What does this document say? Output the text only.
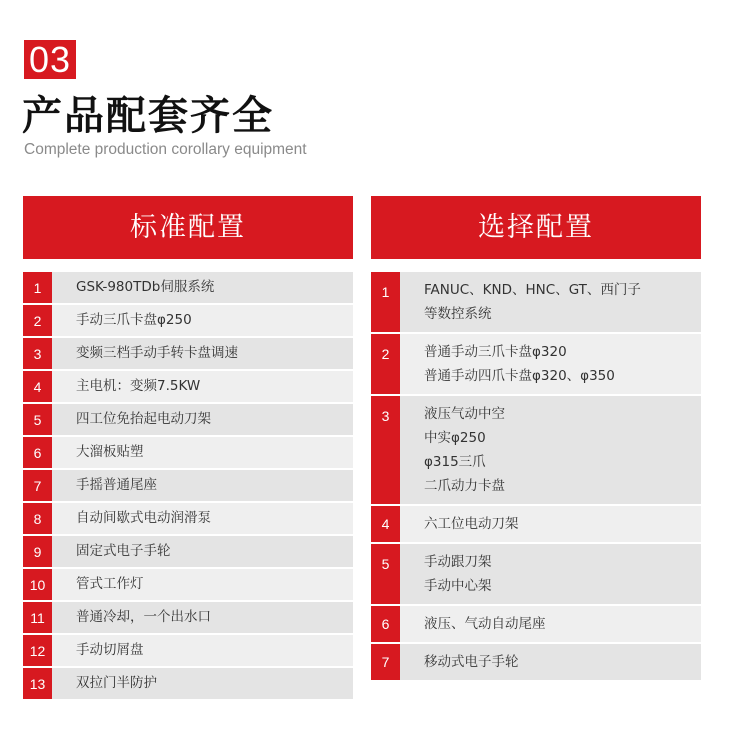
03
产品配套齐全
Complete production corollary equipment
标准配置
1	GSK-980TDb伺服系统
2	手动三爪卡盘φ250
3	变频三档手动手转卡盘调速
4	主电机：变频7.5KW
5	四工位免抬起电动刀架
6	大溜板贴塑
7	手摇普通尾座
8	自动间歇式电动润滑泵
9	固定式电子手轮
10	管式工作灯
11	普通冷却，一个出水口
12	手动切屑盘
13	双拉门半防护
选择配置
1	FANUC、KND、HNC、GT、西门子
等数控系统
2	普通手动三爪卡盘φ320
普通手动四爪卡盘φ320、φ350
3	液压气动中空
中实φ250
φ315三爪
二爪动力卡盘
4	六工位电动刀架
5	手动跟刀架
手动中心架
6	液压、气动自动尾座
7	移动式电子手轮
